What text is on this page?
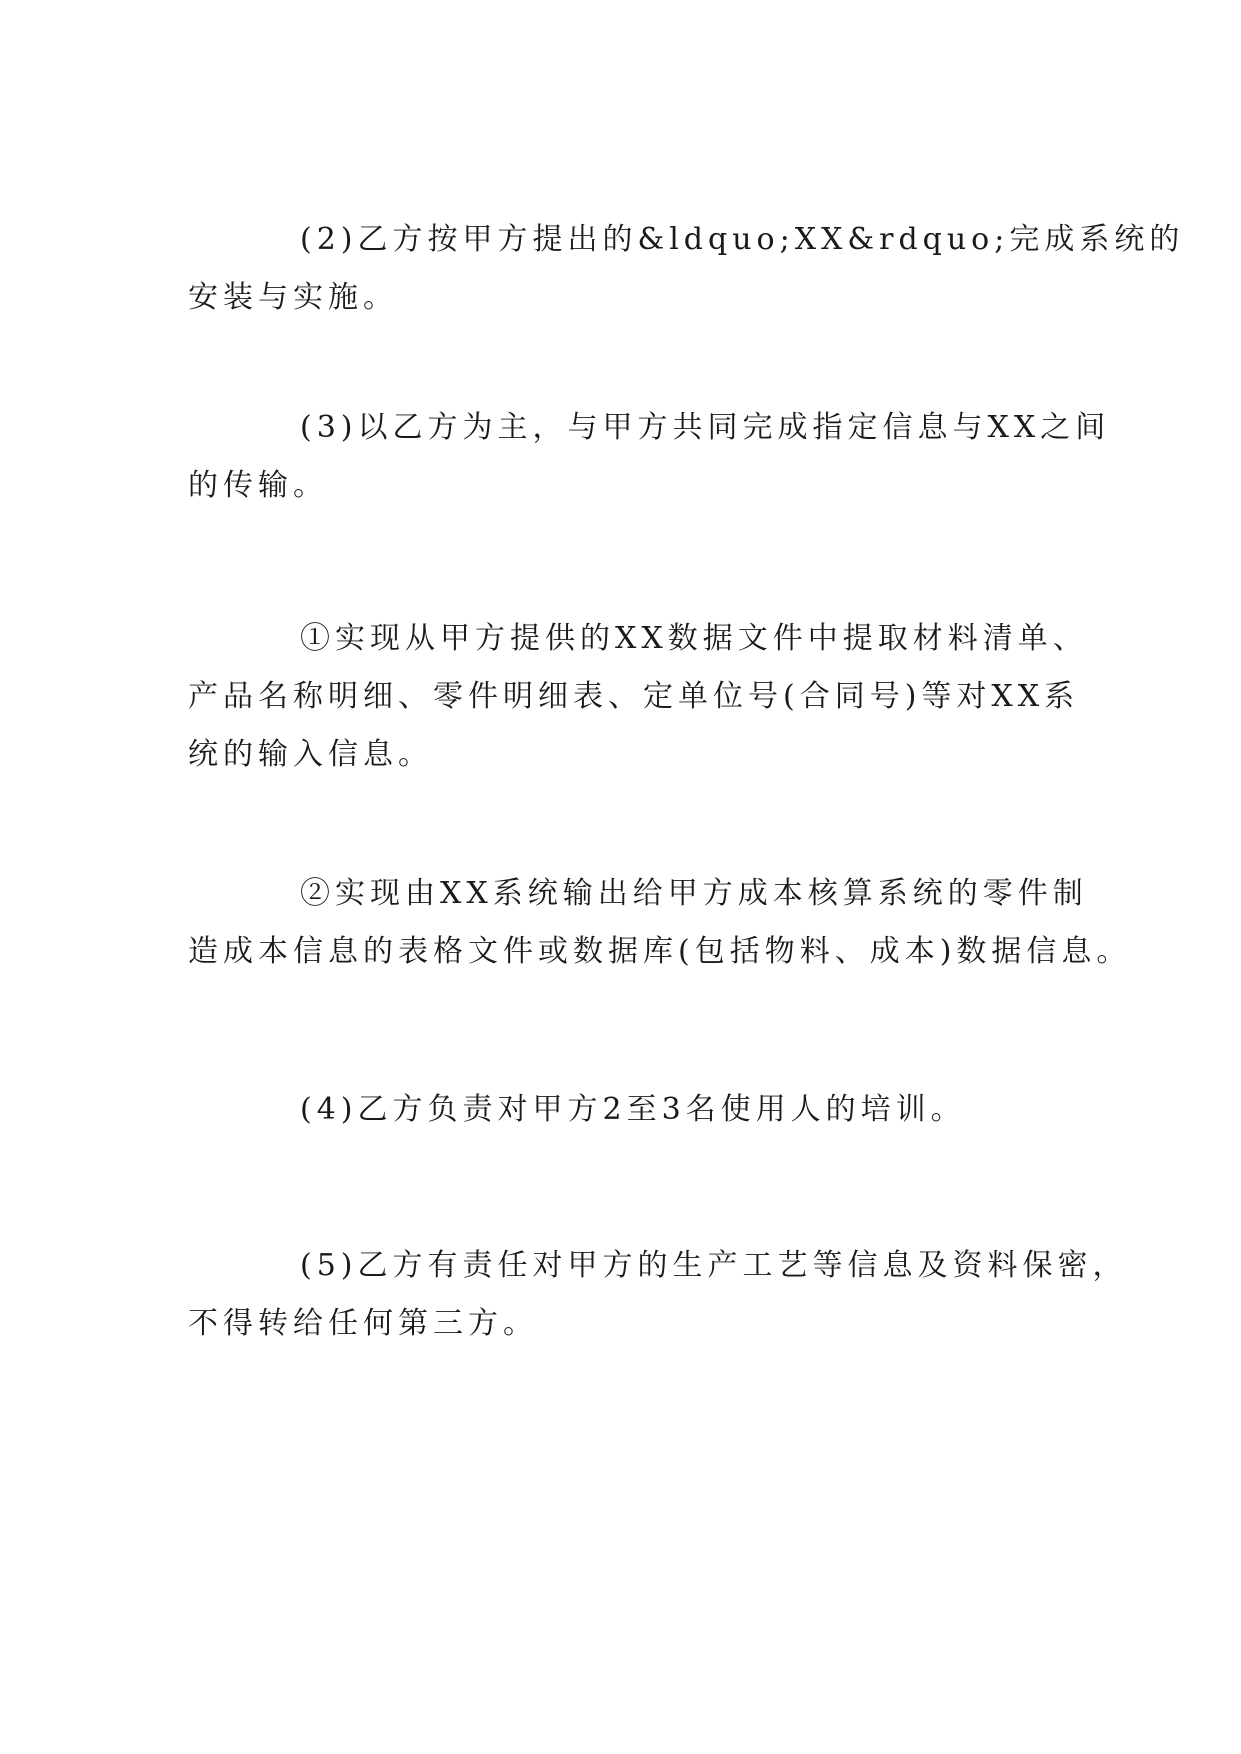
(2)乙方按甲方提出的&ldquo;XX&rdquo;完成系统的
安装与实施。

(3)以乙方为主，与甲方共同完成指定信息与XX之间
的传输。

①实现从甲方提供的XX数据文件中提取材料清单、
产品名称明细、零件明细表、定单位号(合同号)等对XX系
统的输入信息。

②实现由XX系统输出给甲方成本核算系统的零件制
造成本信息的表格文件或数据库(包括物料、成本)数据信息。

(4)乙方负责对甲方2至3名使用人的培训。

(5)乙方有责任对甲方的生产工艺等信息及资料保密，
不得转给任何第三方。
